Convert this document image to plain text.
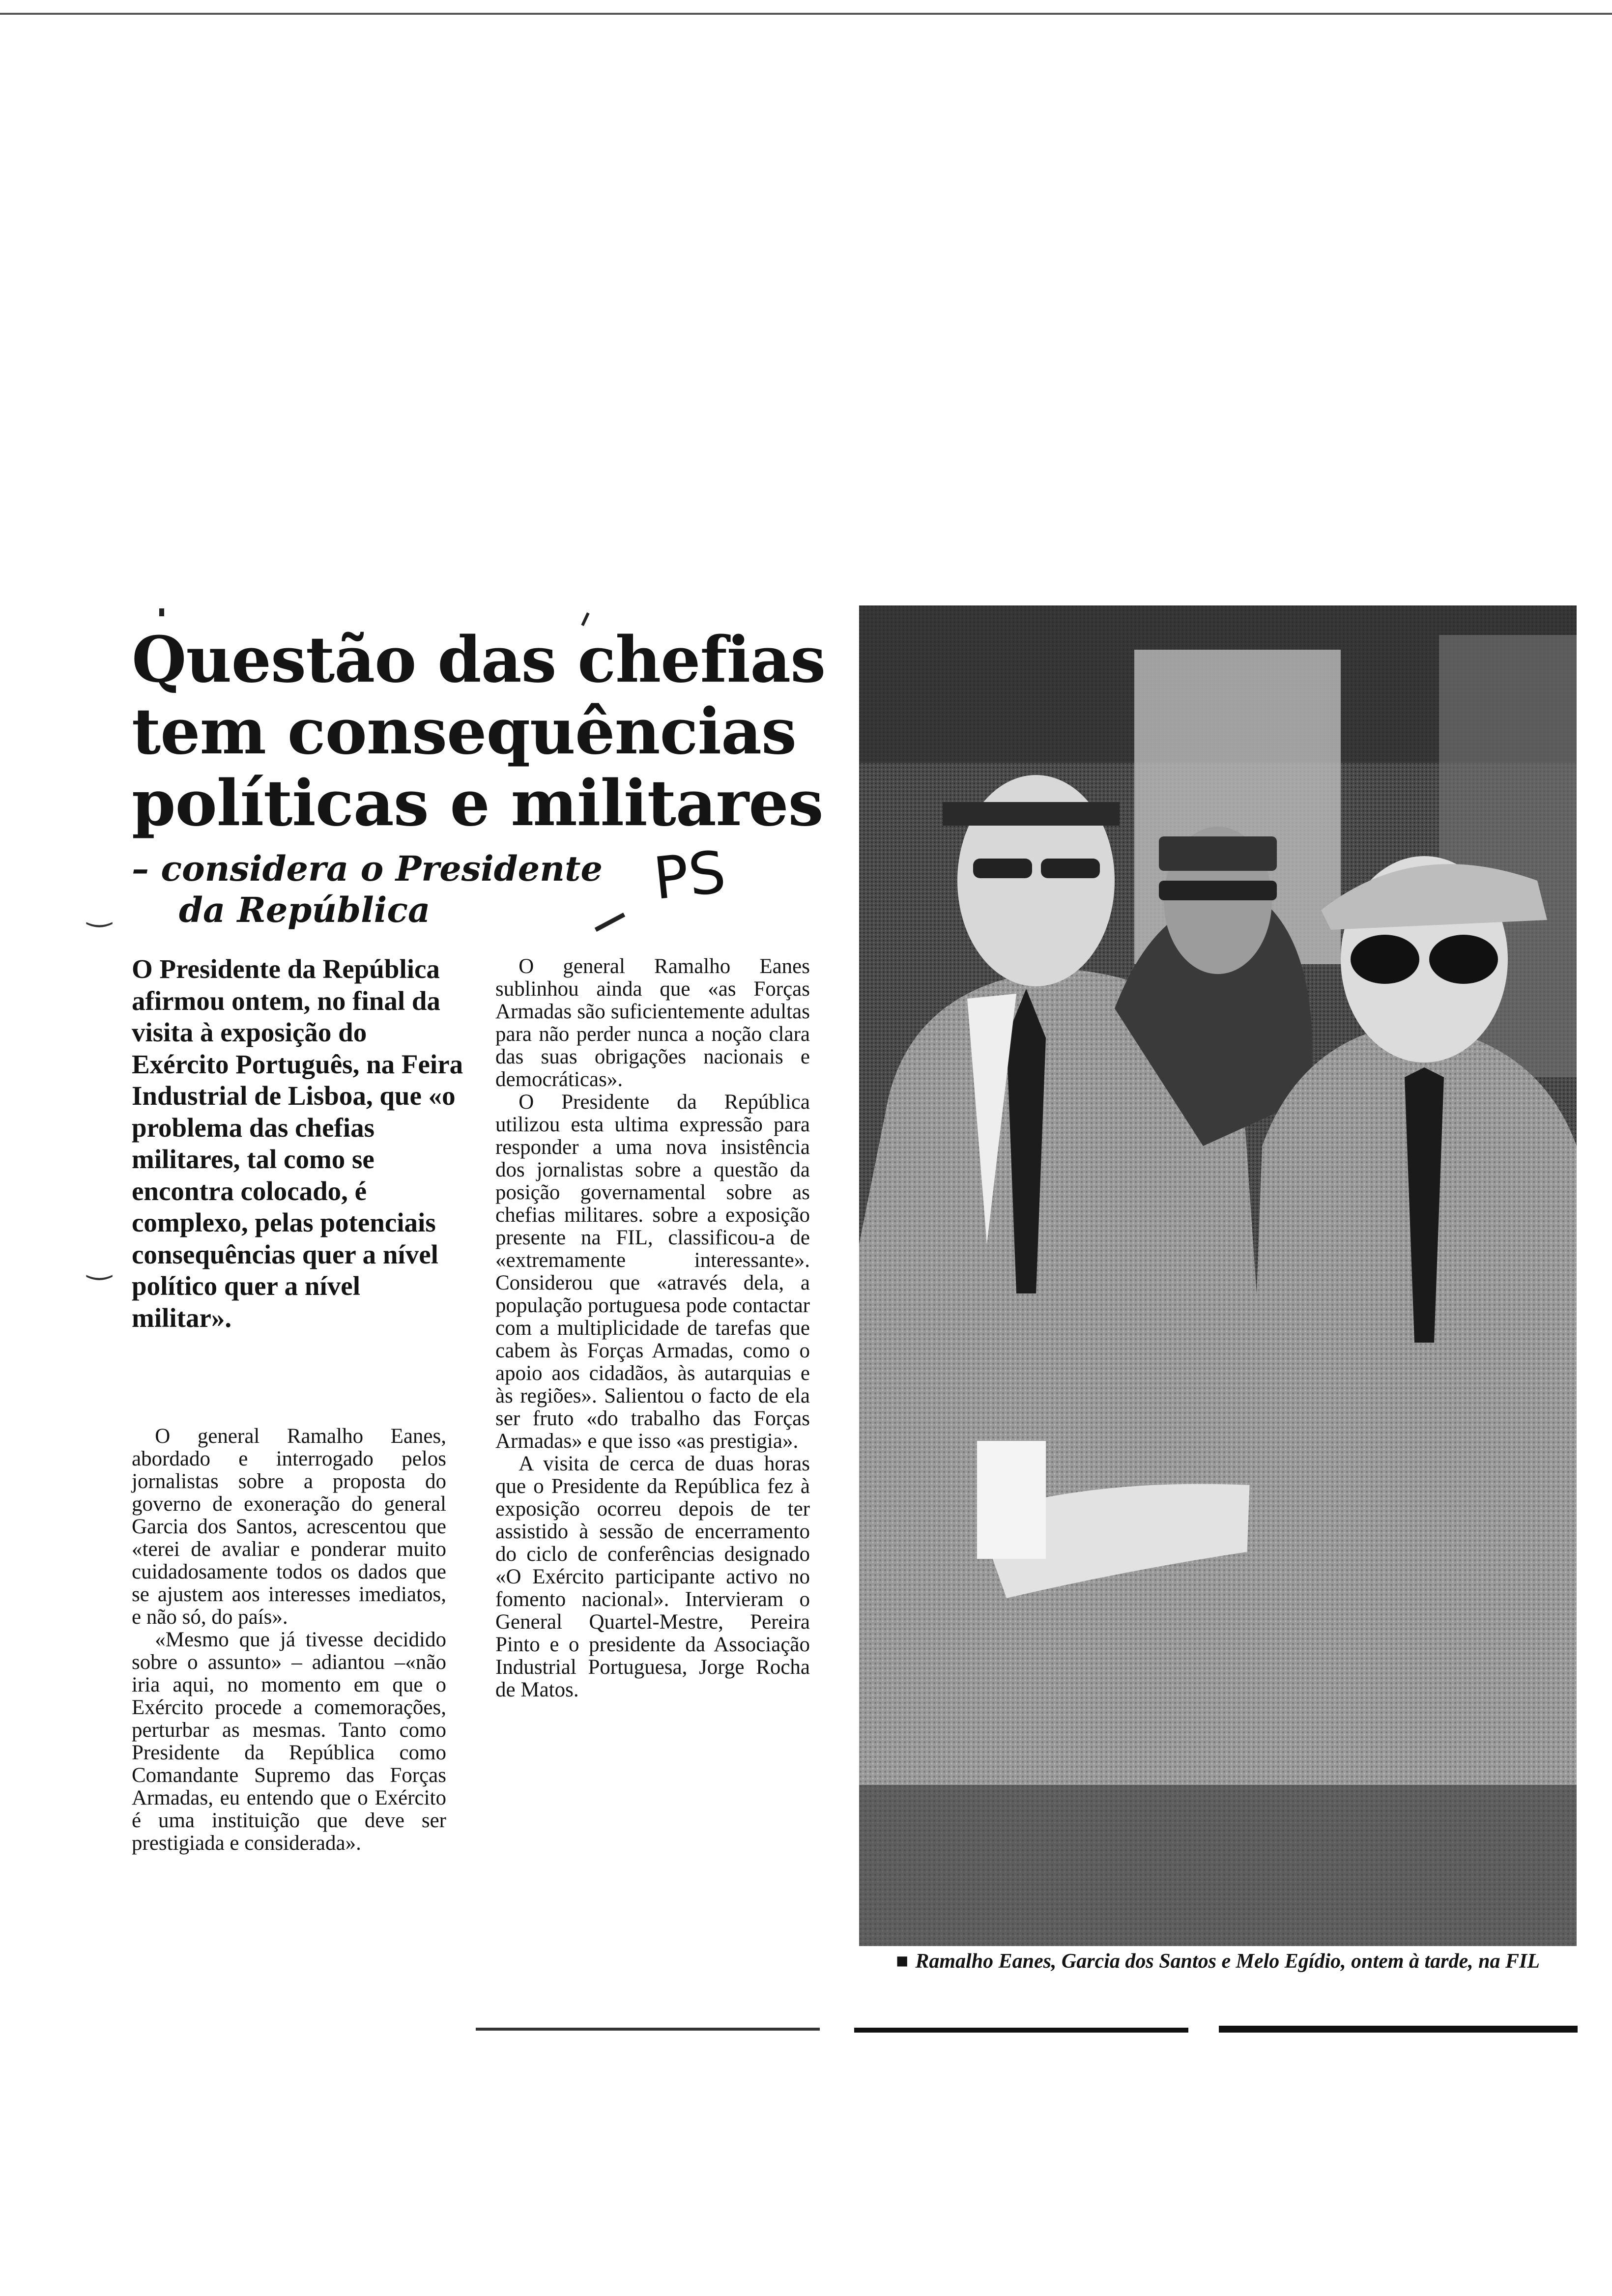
‿
‿
Questão das chefias
tem consequências
políticas e militares
– considera o Presidente
da República	PS

O Presidente da República afirmou ontem, no final da visita à exposição do Exército Português, na Feira Industrial de Lisboa, que «o problema das chefias militares, tal como se encontra colocado, é complexo, pelas potenciais consequências quer a nível político quer a nível militar».

O general Ramalho Eanes, abordado e interrogado pelos jornalistas sobre a proposta do governo de exoneração do general Garcia dos Santos, acrescentou que «terei de avaliar e ponderar muito cuidadosamente todos os dados que se ajustem aos interesses imediatos, e não só, do país».

«Mesmo que já tivesse decidido sobre o assunto» – adiantou –«não iria aqui, no momento em que o Exército procede a comemorações, perturbar as mesmas. Tanto como Presidente da República como Comandante Supremo das Forças Armadas, eu entendo que o Exército é uma instituição que deve ser prestigiada e considerada».

O general Ramalho Eanes sublinhou ainda que «as Forças Armadas são suficientemente adultas para não perder nunca a noção clara das suas obrigações nacionais e democráticas».

O Presidente da República utilizou esta ultima expressão para responder a uma nova insistência dos jornalistas sobre a questão da posição governamental sobre as chefias militares. sobre a exposição presente na FIL, classificou-a de «extremamente interessante». Considerou que «através dela, a população portuguesa pode contactar com a multiplicidade de tarefas que cabem às Forças Armadas, como o apoio aos cidadãos, às autarquias e às regiões». Salientou o facto de ela ser fruto «do trabalho das Forças Armadas» e que isso «as prestigia».

A visita de cerca de duas horas que o Presidente da República fez à exposição ocorreu depois de ter assistido à sessão de encerramento do ciclo de conferências designado «O Exército participante activo no fomento nacional». Intervieram o General Quartel-Mestre, Pereira Pinto e o presidente da Associação Industrial Portuguesa, Jorge Rocha de Matos.

■ Ramalho Eanes, Garcia dos Santos e Melo Egídio, ontem à tarde, na FIL
